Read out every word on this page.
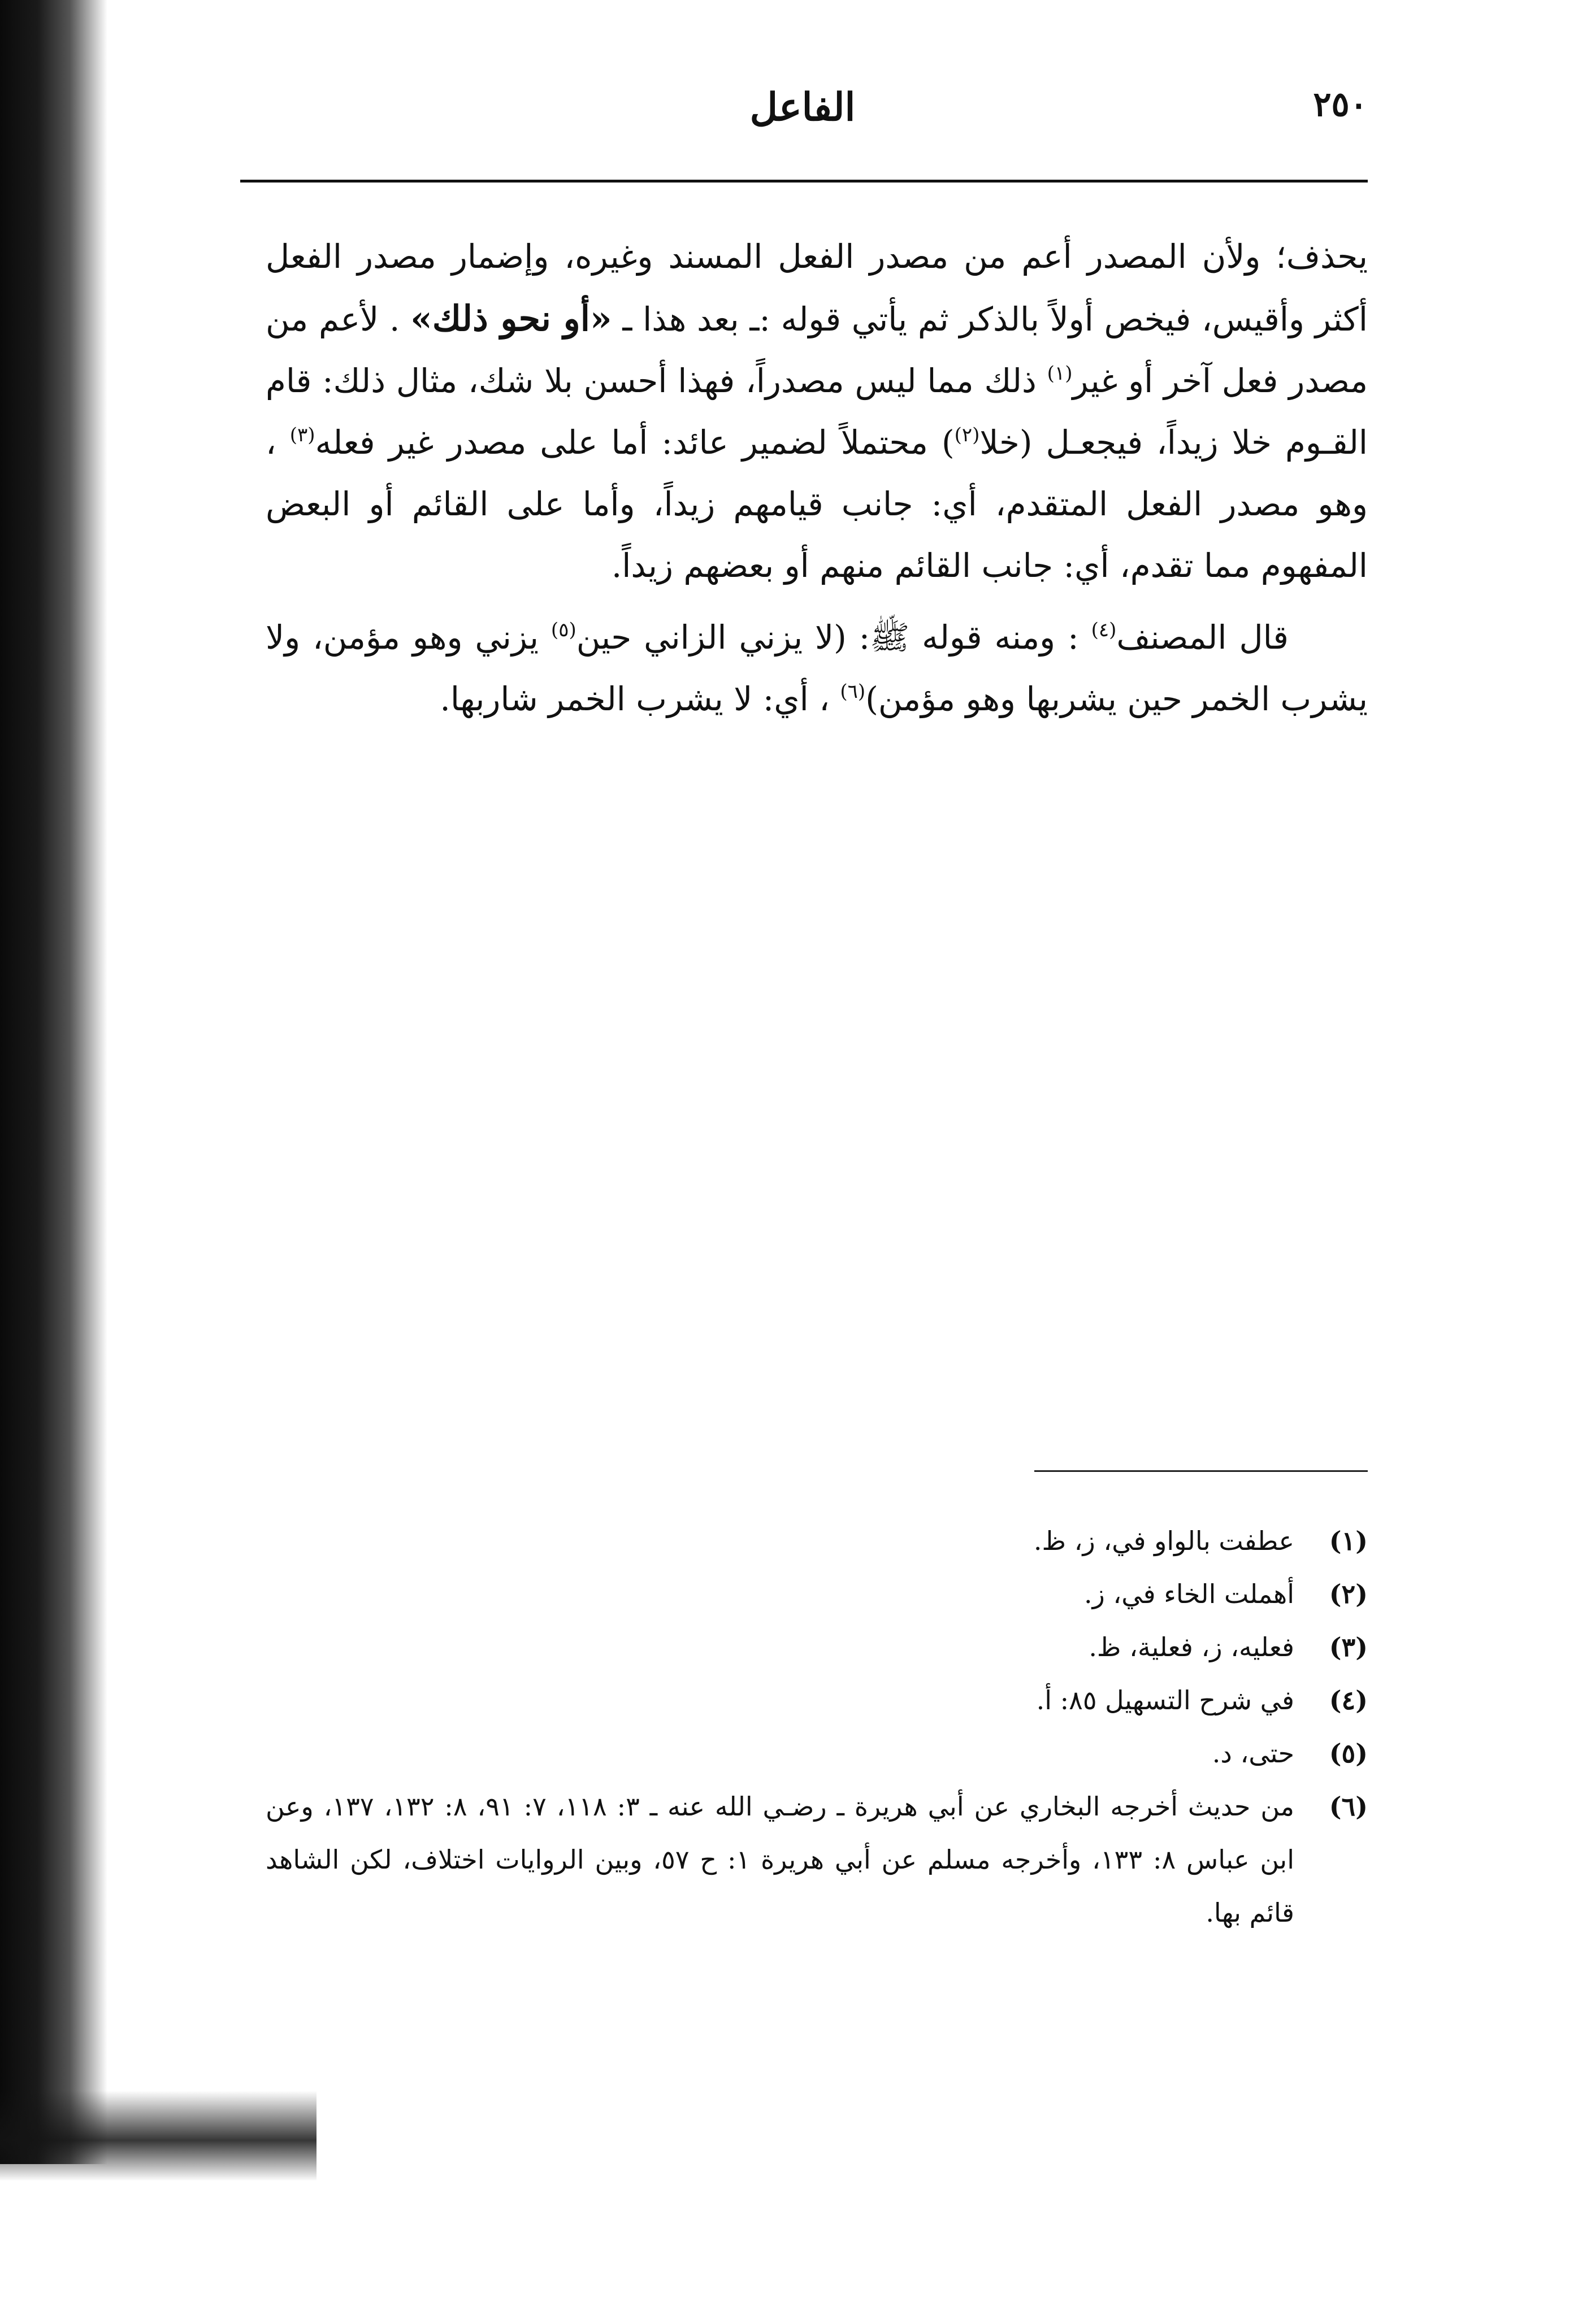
٢٥٠
الفاعل

يحذف؛ ولأن المصدر أعم من مصدر الفعل المسند وغيره، وإضمار مصدر الفعل أكثر وأقيس، فيخص أولاً بالذكر ثم يأتي قوله :ـ بعد هذا ـ «أو نحو ذلك» . لأعم من مصدر فعل آخر أو غير$^{(١)}$ ذلك مما ليس مصدراً، فهذا أحسن بلا شك، مثال ذلك: قام القـوم خلا زيداً، فيجعـل (خلا$^{(٢)}$) محتملاً لضمير عائد: أما على مصدر غير فعله$^{(٣)}$ ، وهو مصدر الفعل المتقدم، أي: جانب قيامهم زيداً، وأما على القائم أو البعض المفهوم مما تقدم، أي: جانب القائم منهم أو بعضهم زيداً.

قال المصنف$^{(٤)}$ : ومنه قوله ﷺ: (لا يزني الزاني حين$^{(٥)}$ يزني وهو مؤمن، ولا يشرب الخمر حين يشربها وهو مؤمن)$^{(٦)}$ ، أي: لا يشرب الخمر شاربها.

(١)
عطفت بالواو في، ز، ظ.
(٢)
أهملت الخاء في، ز.
(٣)
فعليه، ز، فعلية، ظ.
(٤)
في شرح التسهيل ٨٥: أ.
(٥)
حتى، د.
(٦)
من حديث أخرجه البخاري عن أبي هريرة ـ رضـي الله عنه ـ ٣: ١١٨، ٧: ٩١، ٨: ١٣٢، ١٣٧، وعن ابن عباس ٨: ١٣٣، وأخرجه مسلم عن أبي هريرة ١: ح ٥٧، وبين الروايات اختلاف، لكن الشاهد قائم بها.
